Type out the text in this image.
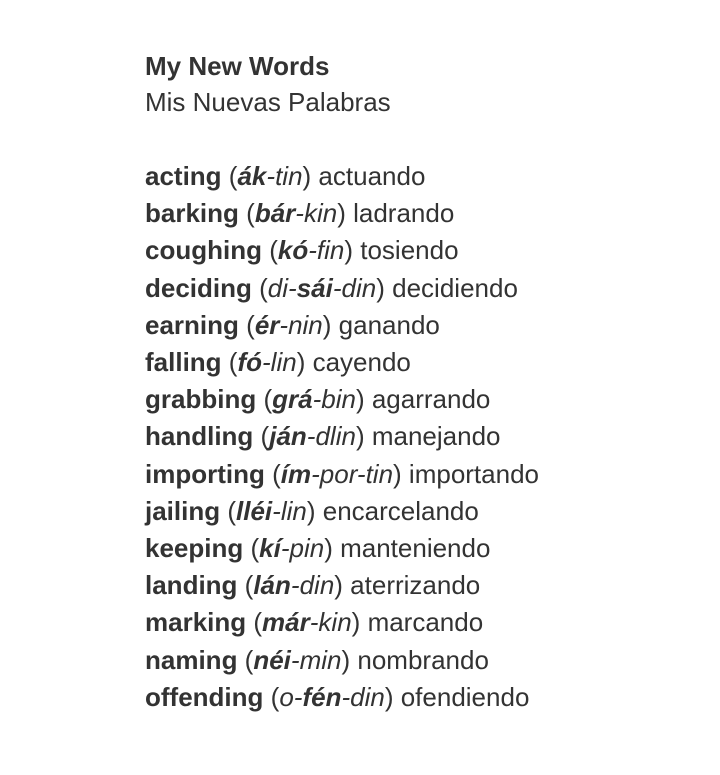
My New Words
Mis Nuevas Palabras
acting (ák-tin) actuando
barking (bár-kin) ladrando
coughing (kó-fin) tosiendo
deciding (di-sái-din) decidiendo
earning (ér-nin) ganando
falling (fó-lin) cayendo
grabbing (grá-bin) agarrando
handling (ján-dlin) manejando
importing (ím-por-tin) importando
jailing (lléi-lin) encarcelando
keeping (kí-pin) manteniendo
landing (lán-din) aterrizando
marking (már-kin) marcando
naming (néi-min) nombrando
offending (o-fén-din) ofendiendo
